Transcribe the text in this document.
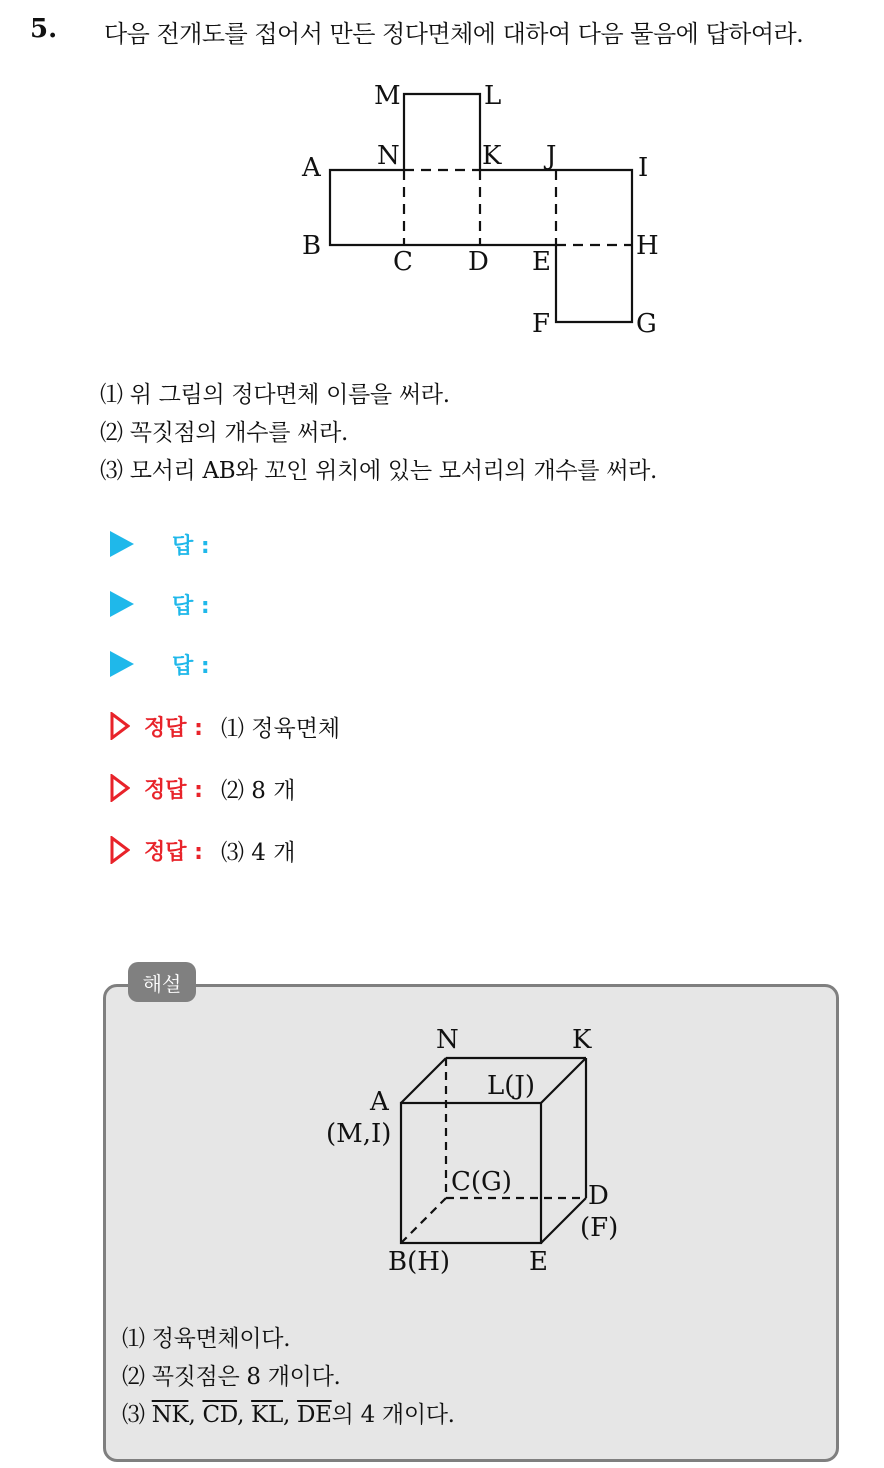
5. 다음 전개도를 접어서 만든 정다면체에 대하여 다음 물음에 답하여라.
M	L
N	K J	I
A
B
C D E
H
F	G
⑴ 위 그림의 정다면체 이름을 써라.
⑵ 꼭짓점의 개수를 써라.
⑶ 모서리 AB와 꼬인 위치에 있는 모서리의 개수를 써라.
답 :
답 :
답 :
정답 : ⑴ 정육면체
정답 : ⑵ 8 개
정답 : ⑶ 4 개
해설
N	K
L(J)
A
(M,I)
C(G)	D
(F)
B(H)	E
⑴ 정육면체이다.
⑵ 꼭짓점은 8 개이다.
⑶ $\overline{NK}$, $\overline{CD}$, $\overline{KL}$, $\overline{DE}$의 4 개이다.
